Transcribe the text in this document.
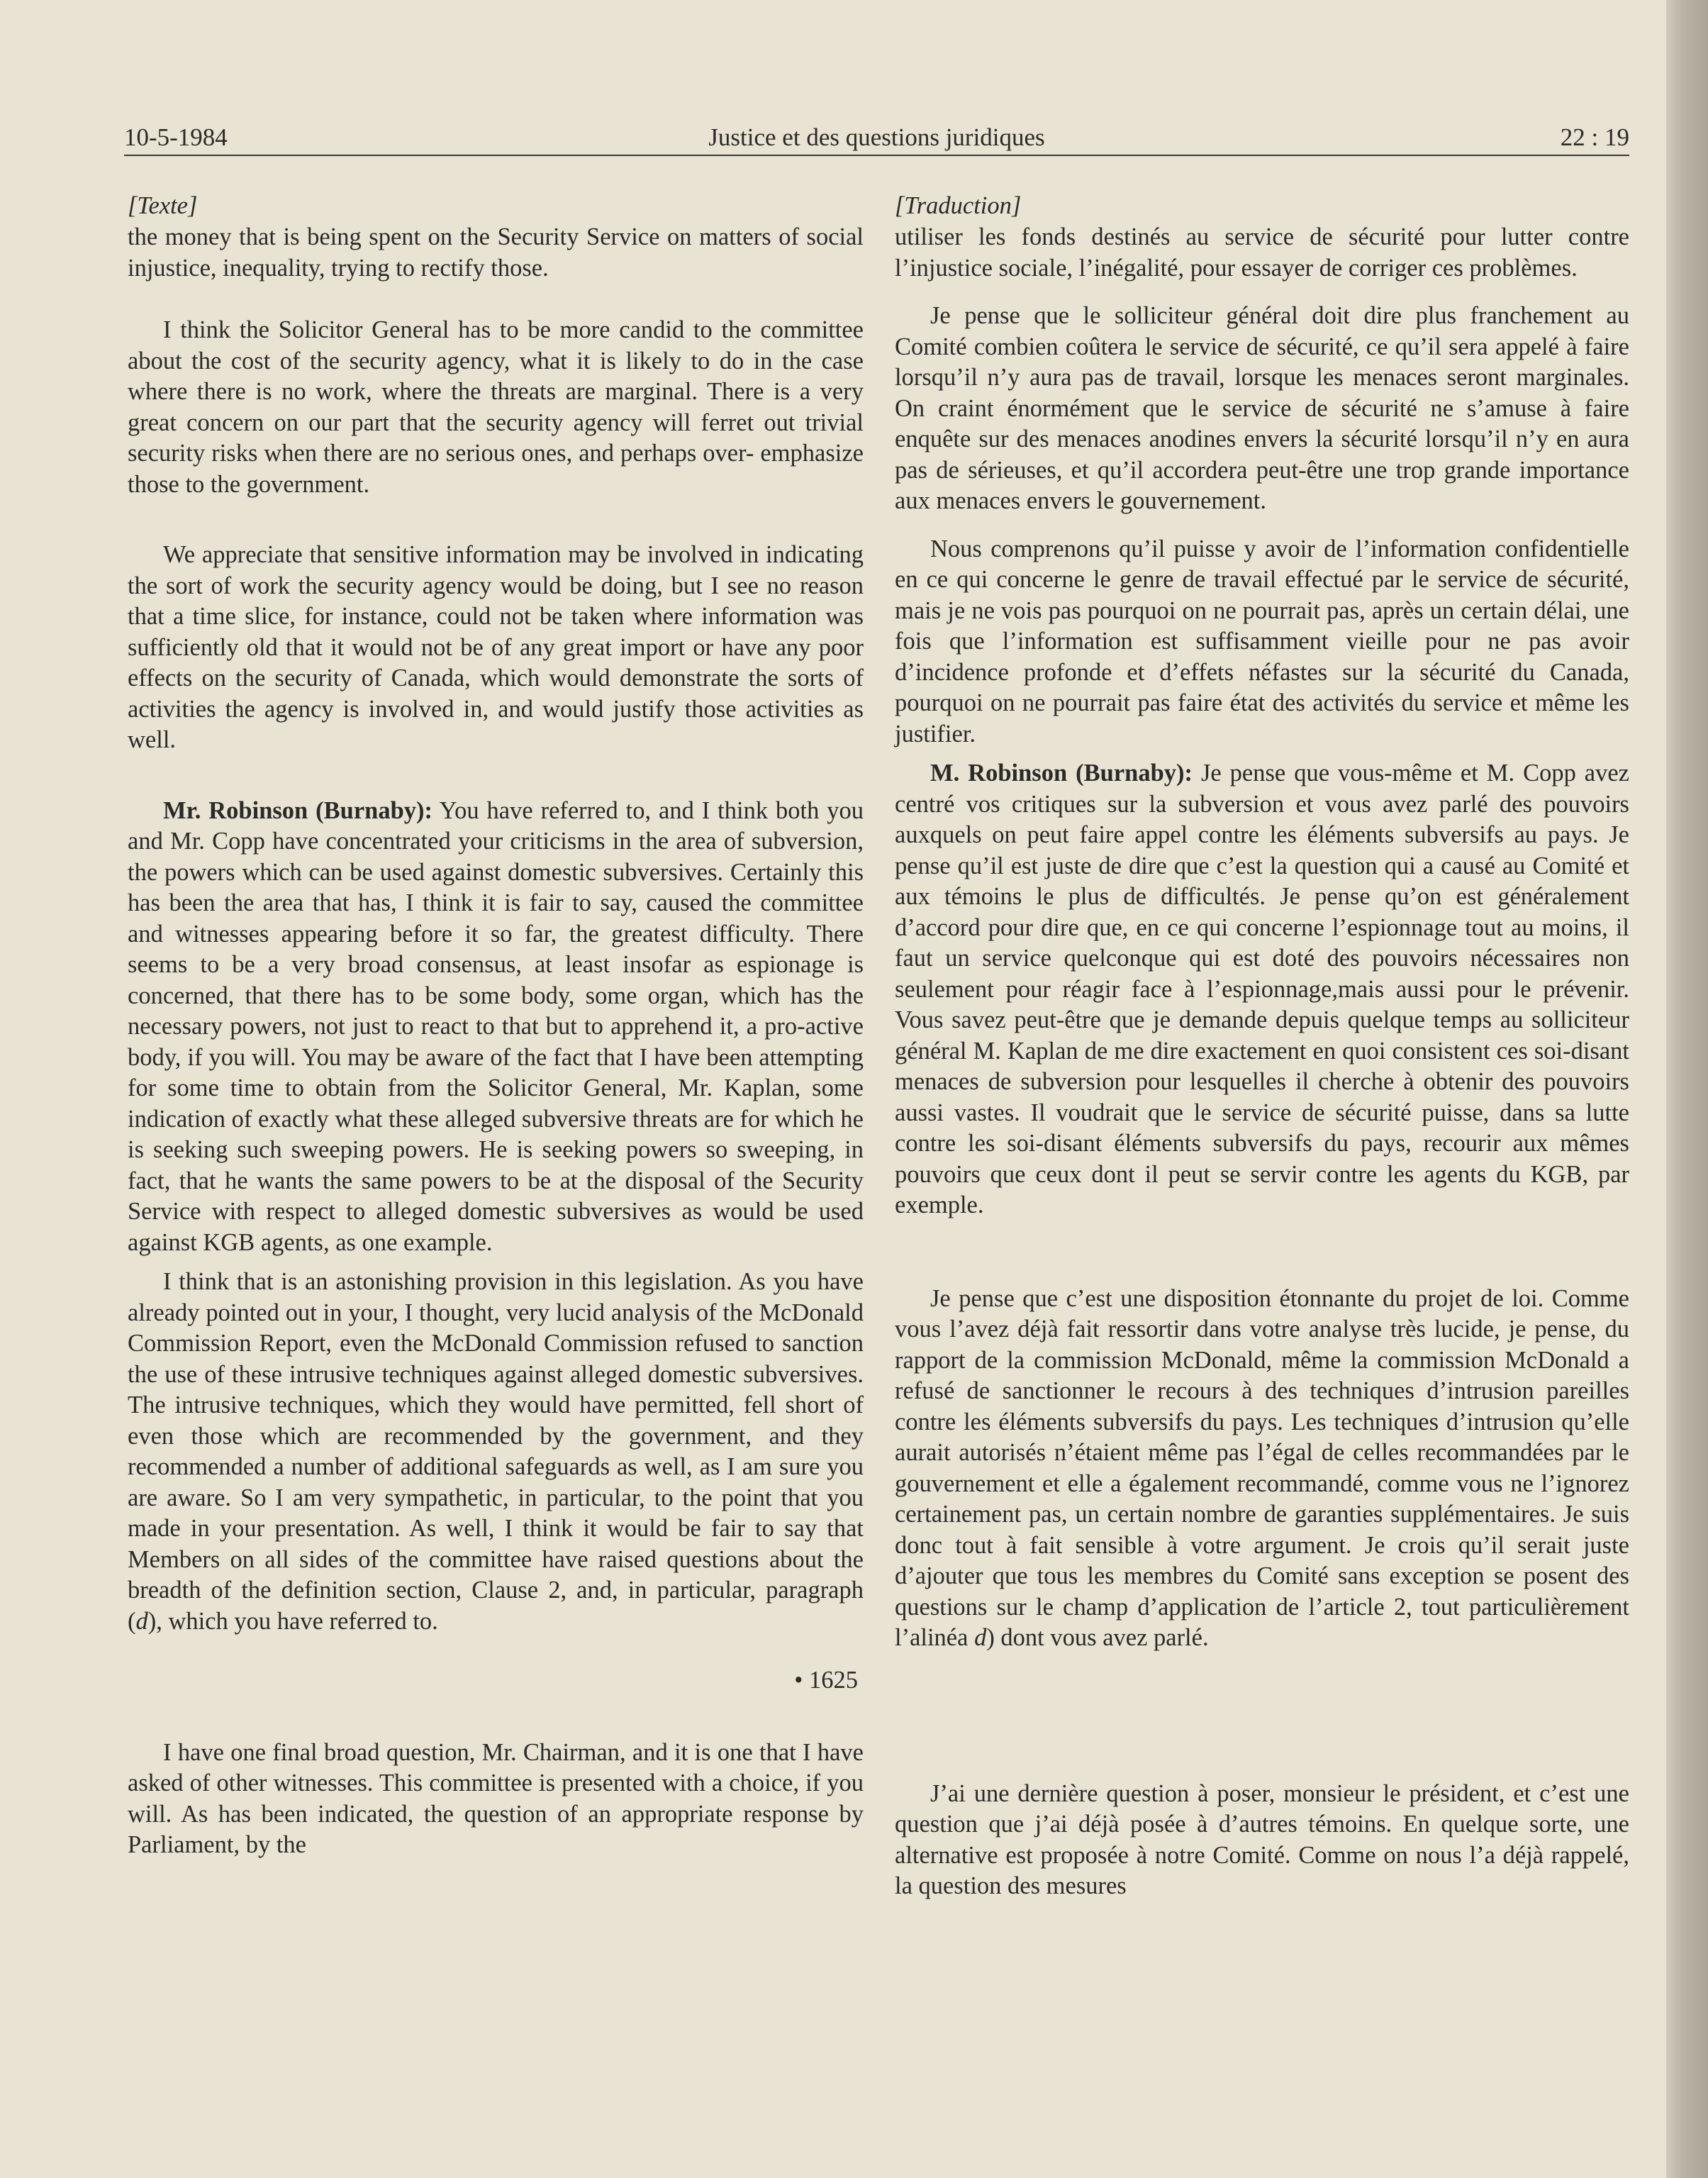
10-5-1984	Justice et des questions juridiques	22 : 19
[Texte]

the money that is being spent on the Security Service on matters of social injustice, inequality, trying to rectify those.

I think the Solicitor General has to be more candid to the committee about the cost of the security agency, what it is likely to do in the case where there is no work, where the threats are marginal. There is a very great concern on our part that the security agency will ferret out trivial security risks when there are no serious ones, and perhaps over- emphasize those to the government.

We appreciate that sensitive information may be involved in indicating the sort of work the security agency would be doing, but I see no reason that a time slice, for instance, could not be taken where information was sufficiently old that it would not be of any great import or have any poor effects on the security of Canada, which would demonstrate the sorts of activities the agency is involved in, and would justify those activities as well.

Mr. Robinson (Burnaby): You have referred to, and I think both you and Mr. Copp have concentrated your criticisms in the area of subversion, the powers which can be used against domestic subversives. Certainly this has been the area that has, I think it is fair to say, caused the committee and witnesses appearing before it so far, the greatest difficulty. There seems to be a very broad consensus, at least insofar as espionage is concerned, that there has to be some body, some organ, which has the necessary powers, not just to react to that but to apprehend it, a pro-active body, if you will. You may be aware of the fact that I have been attempting for some time to obtain from the Solicitor General, Mr. Kaplan, some indication of exactly what these alleged subversive threats are for which he is seeking such sweeping powers. He is seeking powers so sweeping, in fact, that he wants the same powers to be at the disposal of the Security Service with respect to alleged domestic subversives as would be used against KGB agents, as one example.

I think that is an astonishing provision in this legislation. As you have already pointed out in your, I thought, very lucid analysis of the McDonald Commission Report, even the McDonald Commission refused to sanction the use of these intrusive techniques against alleged domestic subversives. The intrusive techniques, which they would have permitted, fell short of even those which are recommended by the government, and they recommended a number of additional safeguards as well, as I am sure you are aware. So I am very sympathetic, in particular, to the point that you made in your presentation. As well, I think it would be fair to say that Members on all sides of the committee have raised questions about the breadth of the definition section, Clause 2, and, in particular, paragraph (d), which you have referred to.

• 1625

I have one final broad question, Mr. Chairman, and it is one that I have asked of other witnesses. This committee is presented with a choice, if you will. As has been indicated, the question of an appropriate response by Parliament, by the

[Traduction]

utiliser les fonds destinés au service de sécurité pour lutter contre l’injustice sociale, l’inégalité, pour essayer de corriger ces problèmes.

Je pense que le solliciteur général doit dire plus franchement au Comité combien coûtera le service de sécurité, ce qu’il sera appelé à faire lorsqu’il n’y aura pas de travail, lorsque les menaces seront marginales. On craint énormément que le service de sécurité ne s’amuse à faire enquête sur des menaces anodines envers la sécurité lorsqu’il n’y en aura pas de sérieuses, et qu’il accordera peut-être une trop grande importance aux menaces envers le gouvernement.

Nous comprenons qu’il puisse y avoir de l’information confidentielle en ce qui concerne le genre de travail effectué par le service de sécurité, mais je ne vois pas pourquoi on ne pourrait pas, après un certain délai, une fois que l’information est suffisamment vieille pour ne pas avoir d’incidence profonde et d’effets néfastes sur la sécurité du Canada, pourquoi on ne pourrait pas faire état des activités du service et même les justifier.

M. Robinson (Burnaby): Je pense que vous-même et M. Copp avez centré vos critiques sur la subversion et vous avez parlé des pouvoirs auxquels on peut faire appel contre les éléments subversifs au pays. Je pense qu’il est juste de dire que c’est la question qui a causé au Comité et aux témoins le plus de difficultés. Je pense qu’on est généralement d’accord pour dire que, en ce qui concerne l’espionnage tout au moins, il faut un service quelconque qui est doté des pouvoirs nécessaires non seulement pour réagir face à l’espionnage,mais aussi pour le prévenir. Vous savez peut-être que je demande depuis quelque temps au solliciteur général M. Kaplan de me dire exactement en quoi consistent ces soi-disant menaces de subversion pour lesquelles il cherche à obtenir des pouvoirs aussi vastes. Il voudrait que le service de sécurité puisse, dans sa lutte contre les soi-disant éléments subversifs du pays, recourir aux mêmes pouvoirs que ceux dont il peut se servir contre les agents du KGB, par exemple.

Je pense que c’est une disposition étonnante du projet de loi. Comme vous l’avez déjà fait ressortir dans votre analyse très lucide, je pense, du rapport de la commission McDonald, même la commission McDonald a refusé de sanctionner le recours à des techniques d’intrusion pareilles contre les éléments subversifs du pays. Les techniques d’intrusion qu’elle aurait autorisés n’étaient même pas l’égal de celles recommandées par le gouvernement et elle a également recommandé, comme vous ne l’ignorez certainement pas, un certain nombre de garanties supplémentaires. Je suis donc tout à fait sensible à votre argument. Je crois qu’il serait juste d’ajouter que tous les membres du Comité sans exception se posent des questions sur le champ d’application de l’article 2, tout particulièrement l’alinéa d) dont vous avez parlé.

J’ai une dernière question à poser, monsieur le président, et c’est une question que j’ai déjà posée à d’autres témoins. En quelque sorte, une alternative est proposée à notre Comité. Comme on nous l’a déjà rappelé, la question des mesures
